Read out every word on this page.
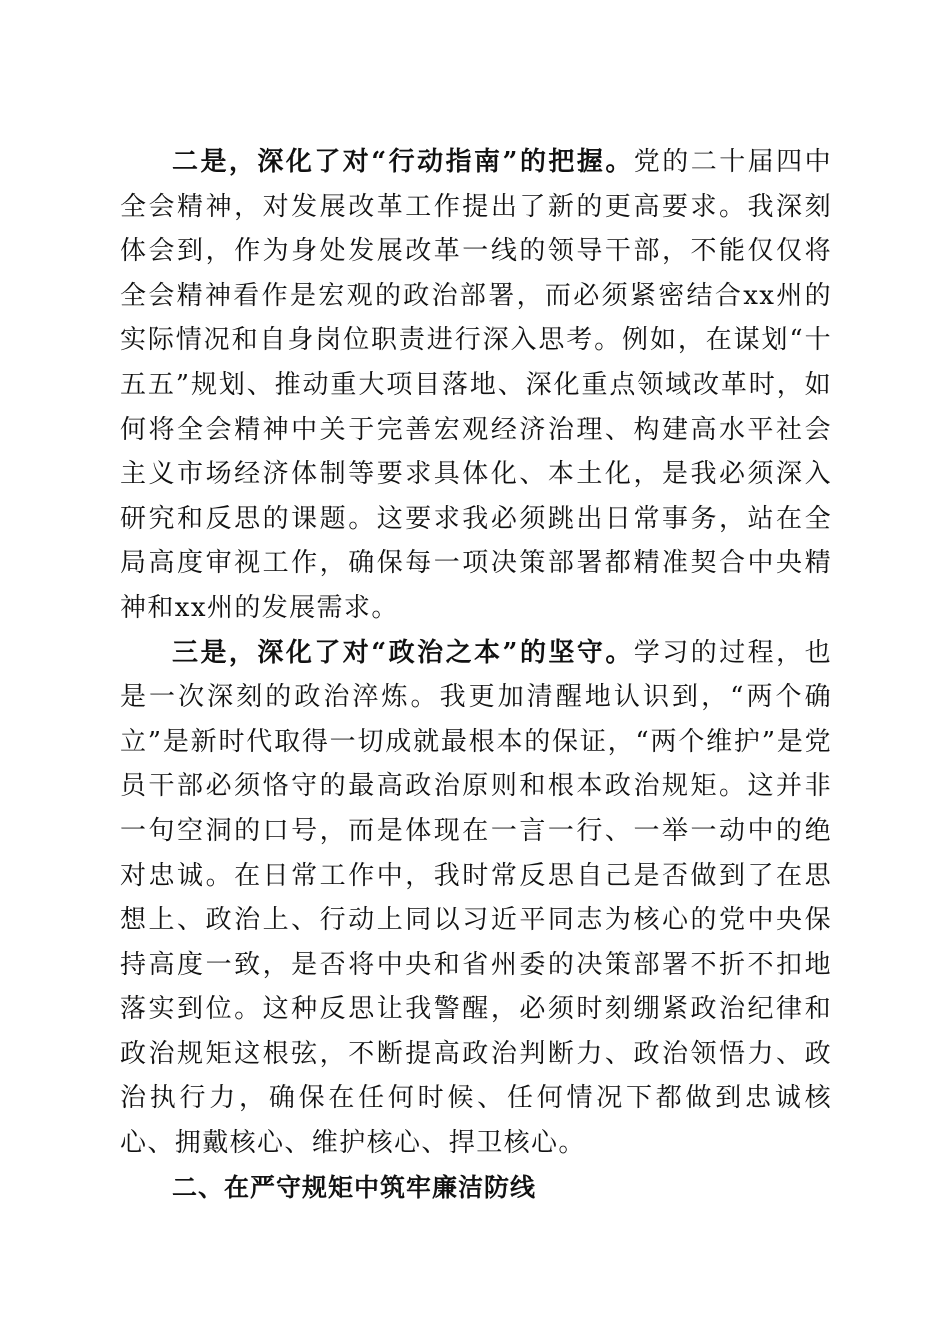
二是，深化了对“行动指南”的把握。党的二十届四中全会精神，对发展改革工作提出了新的更高要求。我深刻体会到，作为身处发展改革一线的领导干部，不能仅仅将全会精神看作是宏观的政治部署，而必须紧密结合xx州的实际情况和自身岗位职责进行深入思考。例如，在谋划“十五五”规划、推动重大项目落地、深化重点领域改革时，如何将全会精神中关于完善宏观经济治理、构建高水平社会主义市场经济体制等要求具体化、本土化，是我必须深入研究和反思的课题。这要求我必须跳出日常事务，站在全局高度审视工作，确保每一项决策部署都精准契合中央精神和xx州的发展需求。

三是，深化了对“政治之本”的坚守。学习的过程，也是一次深刻的政治淬炼。我更加清醒地认识到，“两个确立”是新时代取得一切成就最根本的保证，“两个维护”是党员干部必须恪守的最高政治原则和根本政治规矩。这并非一句空洞的口号，而是体现在一言一行、一举一动中的绝对忠诚。在日常工作中，我时常反思自己是否做到了在思想上、政治上、行动上同以习近平同志为核心的党中央保持高度一致，是否将中央和省州委的决策部署不折不扣地落实到位。这种反思让我警醒，必须时刻绷紧政治纪律和政治规矩这根弦，不断提高政治判断力、政治领悟力、政治执行力，确保在任何时候、任何情况下都做到忠诚核心、拥戴核心、维护核心、捍卫核心。

二、在严守规矩中筑牢廉洁防线
